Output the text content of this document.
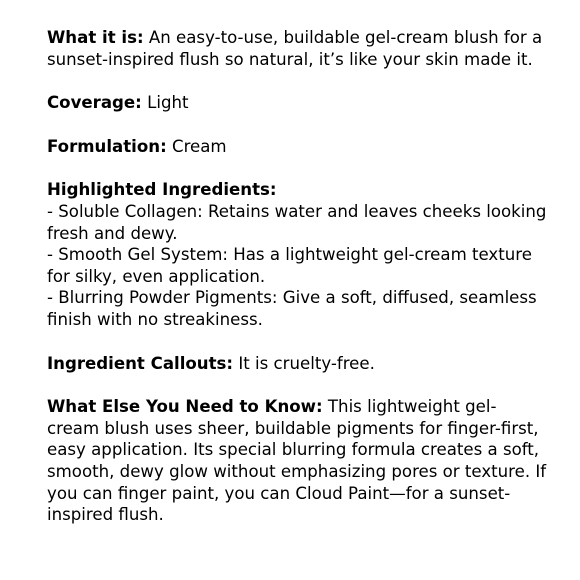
What it is: An easy-to-use, buildable gel-cream blush for a sunset-inspired flush so natural, it’s like your skin made it.

Coverage: Light

Formulation: Cream

Highlighted Ingredients:
- Soluble Collagen: Retains water and leaves cheeks looking fresh and dewy.
- Smooth Gel System: Has a lightweight gel-cream texture for silky, even application.
- Blurring Powder Pigments: Give a soft, diffused, seamless finish with no streakiness.

Ingredient Callouts: It is cruelty-free.

What Else You Need to Know: This lightweight gel-cream blush uses sheer, buildable pigments for finger-first, easy application. Its special blurring formula creates a soft, smooth, dewy glow without emphasizing pores or texture. If you can finger paint, you can Cloud Paint—for a sunset-inspired flush.
